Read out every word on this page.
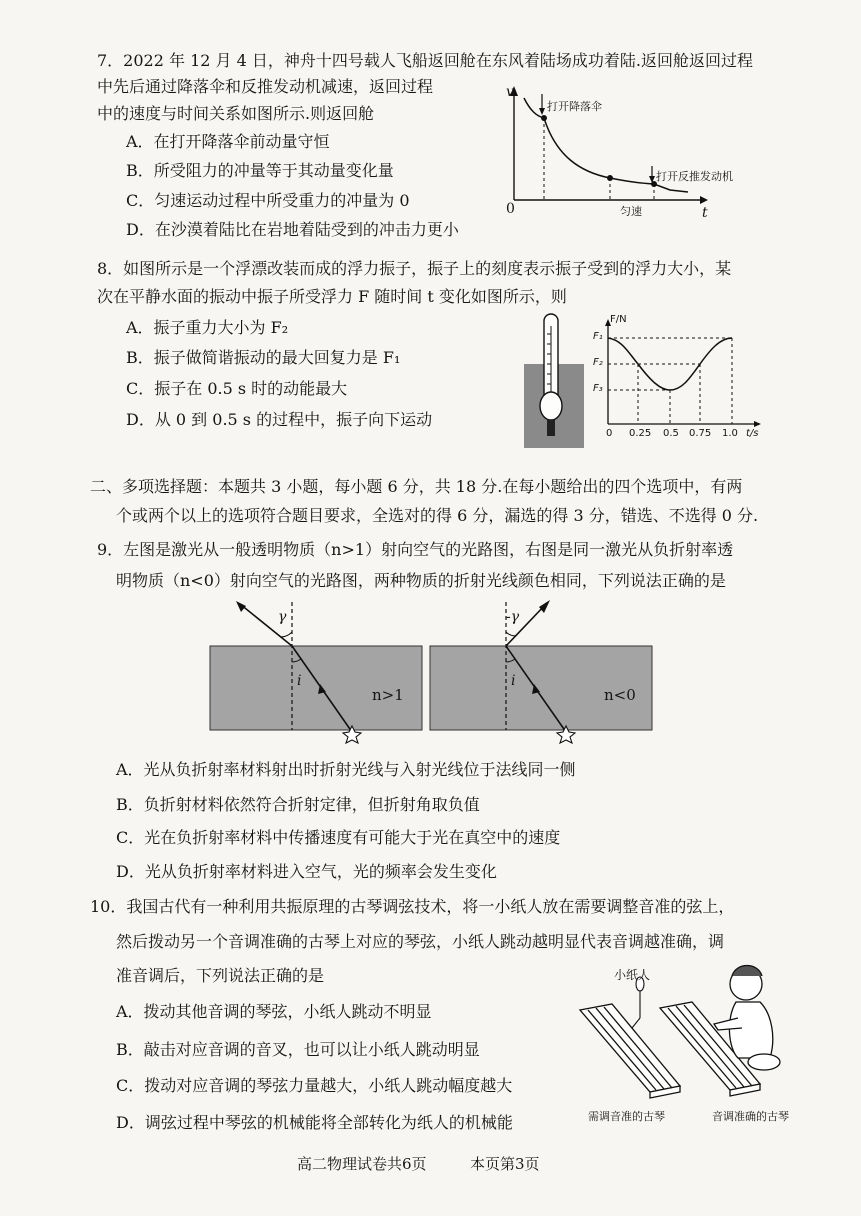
7．2022 年 12 月 4 日，神舟十四号载人飞船返回舱在东风着陆场成功着陆.返回舱返回过程
中先后通过降落伞和反推发动机减速，返回过程
中的速度与时间关系如图所示.则返回舱
A．在打开降落伞前动量守恒
B．所受阻力的冲量等于其动量变化量
C．匀速运动过程中所受重力的冲量为 0
D．在沙漠着陆比在岩地着陆受到的冲击力更小
v
打开降落伞
打开反推发动机
匀速
0	t
8．如图所示是一个浮漂改装而成的浮力振子，振子上的刻度表示振子受到的浮力大小，某
次在平静水面的振动中振子所受浮力 F 随时间 t 变化如图所示，则
A．振子重力大小为 F₂
B．振子做简谐振动的最大回复力是 F₁
C．振子在 0.5 s 时的动能最大
D．从 0 到 0.5 s 的过程中，振子向下运动
F/N
F₁
F₂
F₃
0 0.25 0.5 0.75 1.0 t/s
二、多项选择题：本题共 3 小题，每小题 6 分，共 18 分.在每小题给出的四个选项中，有两
个或两个以上的选项符合题目要求，全选对的得 6 分，漏选的得 3 分，错选、不选得 0 分.
9．左图是激光从一般透明物质（n>1）射向空气的光路图，右图是同一激光从负折射率透
明物质（n<0）射向空气的光路图，两种物质的折射光线颜色相同，下列说法正确的是
γ
i
n>1
-γ
i
n<0
A．光从负折射率材料射出时折射光线与入射光线位于法线同一侧
B．负折射材料依然符合折射定律，但折射角取负值
C．光在负折射率材料中传播速度有可能大于光在真空中的速度
D．光从负折射率材料进入空气，光的频率会发生变化
10．我国古代有一种利用共振原理的古琴调弦技术，将一小纸人放在需要调整音准的弦上，
然后拨动另一个音调准确的古琴上对应的琴弦，小纸人跳动越明显代表音调越准确，调
准音调后，下列说法正确的是
A．拨动其他音调的琴弦，小纸人跳动不明显
B．敲击对应音调的音叉，也可以让小纸人跳动明显
C．拨动对应音调的琴弦力量越大，小纸人跳动幅度越大
D．调弦过程中琴弦的机械能将全部转化为纸人的机械能
小纸人
需调音准的古琴	音调准确的古琴
高二物理试卷共6页	本页第3页
